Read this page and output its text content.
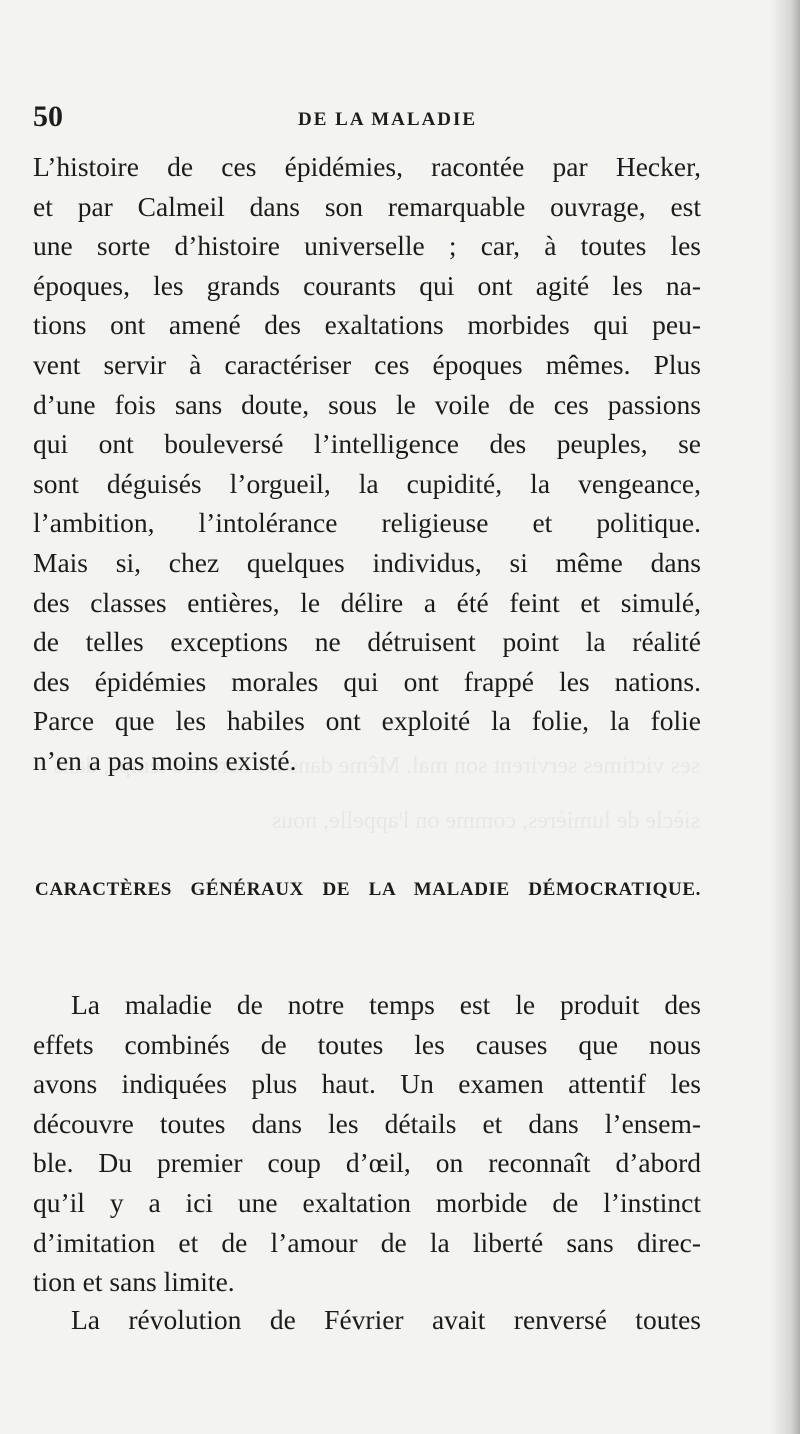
50	DE LA MALADIE
L’histoire de ces épidémies, racontée par Hecker,
et par Calmeil dans son remarquable ouvrage, est
une sorte d’histoire universelle ; car, à toutes les
époques, les grands courants qui ont agité les na-
tions ont amené des exaltations morbides qui peu-
vent servir à caractériser ces époques mêmes. Plus
d’une fois sans doute, sous le voile de ces passions
qui ont bouleversé l’intelligence des peuples, se
sont déguisés l’orgueil, la cupidité, la vengeance,
l’ambition, l’intolérance religieuse et politique.
Mais si, chez quelques individus, si même dans
des classes entières, le délire a été feint et simulé,
de telles exceptions ne détruisent point la réalité
des épidémies morales qui ont frappé les nations.
Parce que les habiles ont exploité la folie, la folie
n’en a pas moins existé.
CARACTÈRES GÉNÉRAUX DE LA MALADIE DÉMOCRATIQUE.
La maladie de notre temps est le produit des
effets combinés de toutes les causes que nous
avons indiquées plus haut. Un examen attentif les
découvre toutes dans les détails et dans l’ensem-
ble. Du premier coup d’œil, on reconnaît d’abord
qu’il y a ici une exaltation morbide de l’instinct
d’imitation et de l’amour de la liberté sans direc-
tion et sans limite.
La révolution de Février avait renversé toutes
